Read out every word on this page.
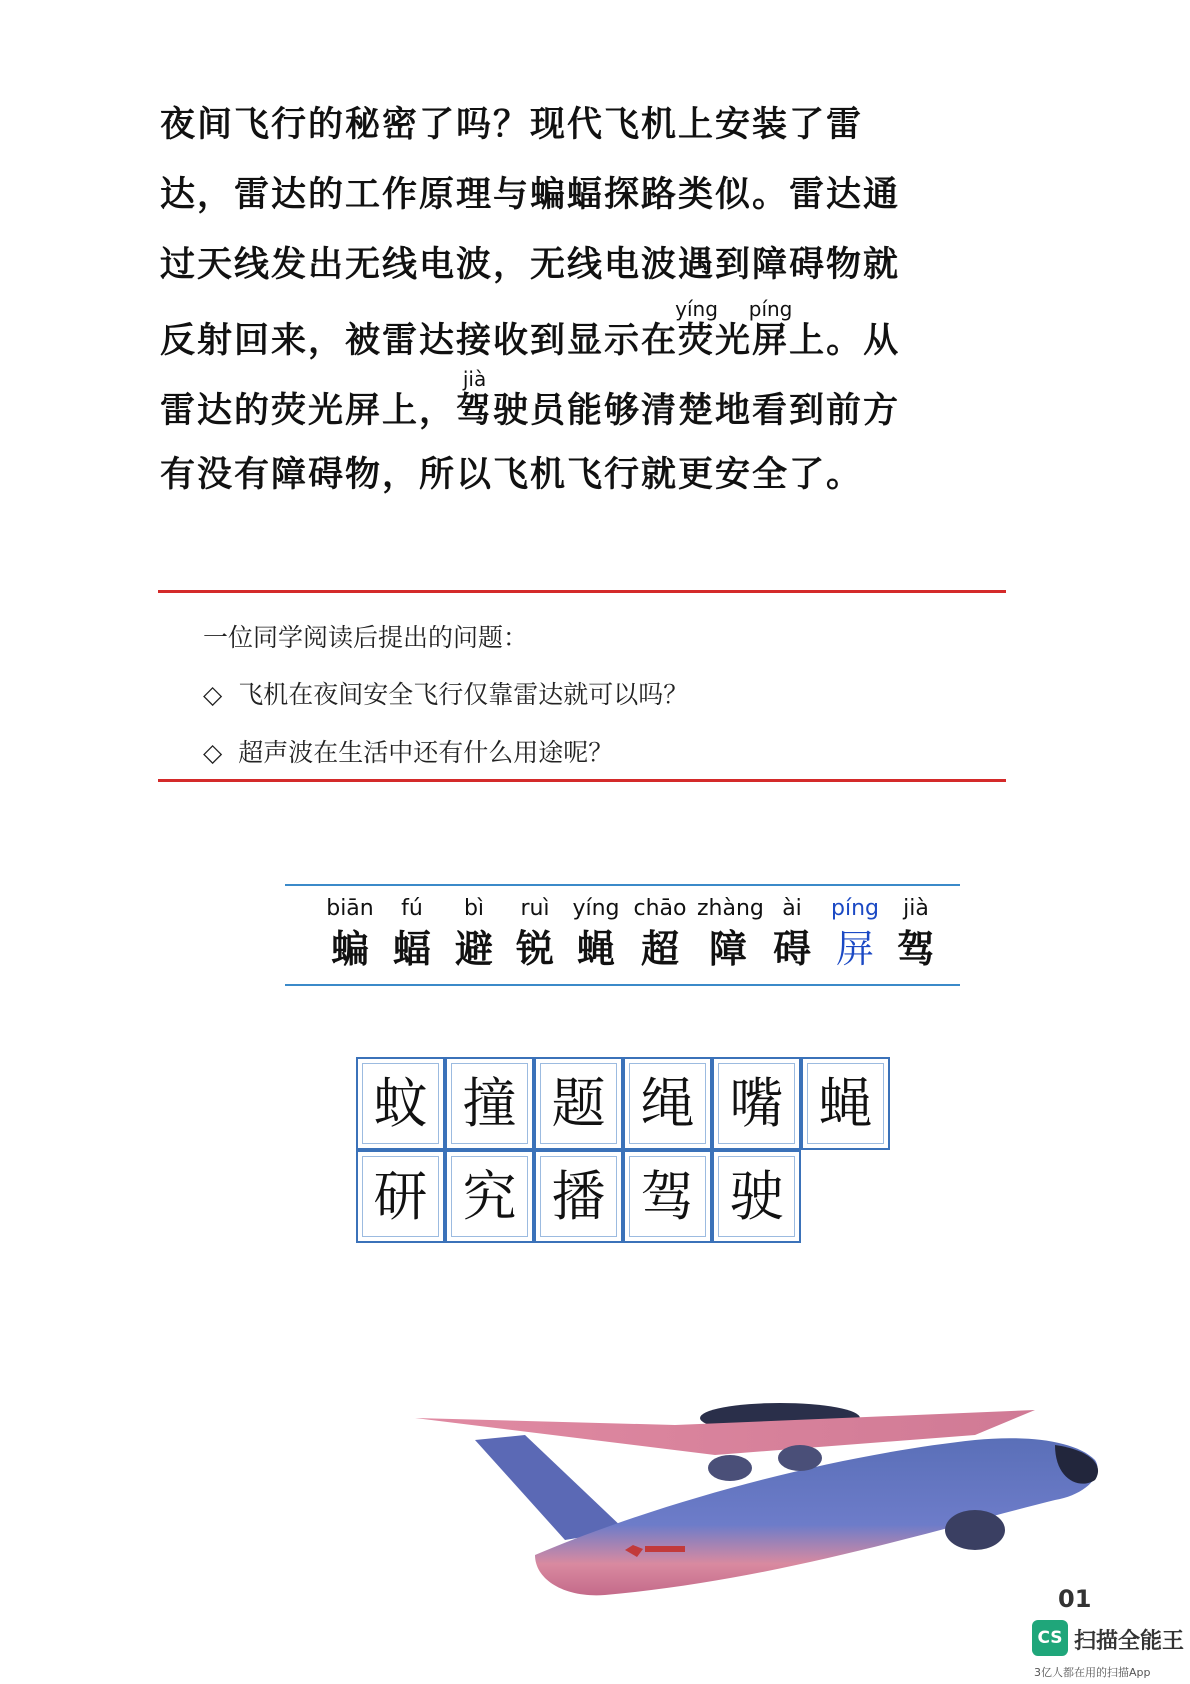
夜间飞行的秘密了吗？现代飞机上安装了雷
达，雷达的工作原理与蝙蝠探路类似。雷达通
过天线发出无线电波，无线电波遇到障碍物就
反射回来，被雷达接收到显示在荧yíng光屏píng上。从
雷达的荧光屏上，驾jià驶员能够清楚地看到前方
有没有障碍物，所以飞机飞行就更安全了。
一位同学阅读后提出的问题：
◇ 飞机在夜间安全飞行仅靠雷达就可以吗？
◇ 超声波在生活中还有什么用途呢？
biān
蝙
fú
蝠
bì
避
ruì
锐
yíng
蝇
chāo
超
zhàng
障
ài
碍
píng
屏
jià
驾
蚊 撞 题 绳 嘴 蝇
研 究 播 驾 驶
01
CS 扫描全能王
3亿人都在用的扫描App
